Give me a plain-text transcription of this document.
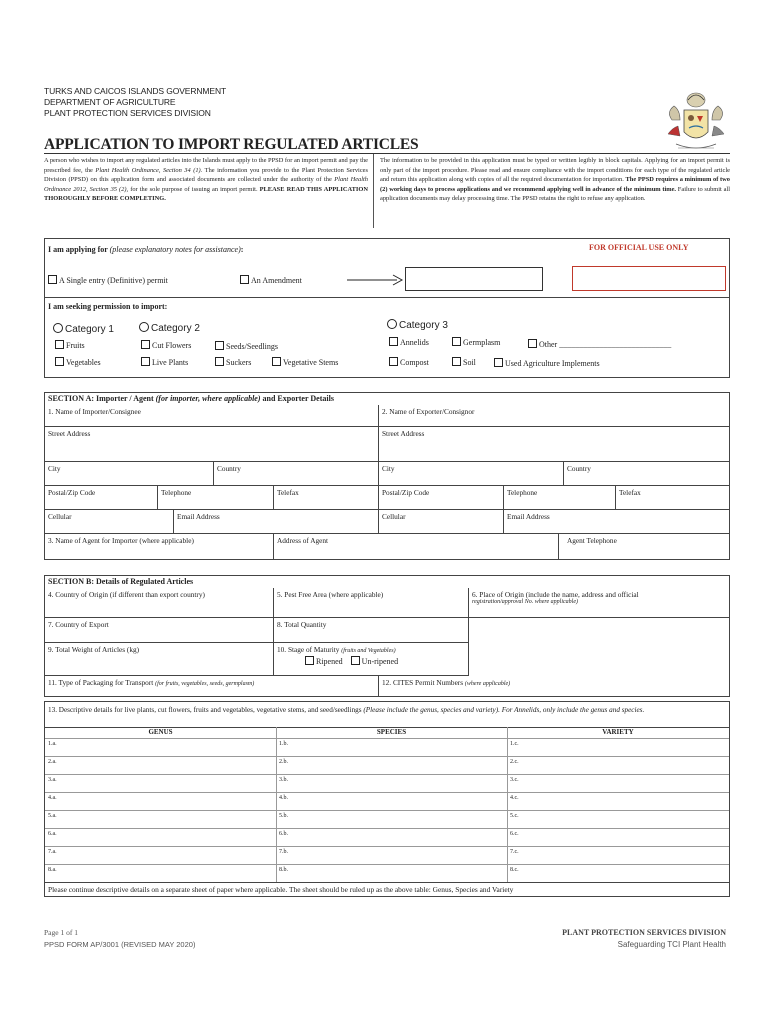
TURKS AND CAICOS ISLANDS GOVERNMENT
DEPARTMENT OF AGRICULTURE
PLANT PROTECTION SERVICES DIVISION
APPLICATION TO IMPORT REGULATED ARTICLES
A person who wishes to import any regulated articles into the Islands must apply to the PPSD for an import permit and pay the prescribed fee, the Plant Health Ordinance, Section 34 (1). The information you provide to the Plant Protection Services Division (PPSD) on this application form and associated documents are collected under the authority of the Plant Health Ordinance 2012, Section 35 (2), for the sole purpose of issuing an import permit. PLEASE READ THIS APPLICATION THOROUGHLY BEFORE COMPLETING.
The information to be provided in this application must be typed or written legibly in block capitals. Applying for an import permit is only part of the import procedure. Please read and ensure compliance with the import conditions for each type of the regulated article and return this application along with copies of all the required documentation for importation. The PPSD requires a minimum of two (2) working days to process applications and we recommend applying well in advance of the minimum time. Failure to submit all application documents may delay processing time. The PPSD retains the right to refuse any application.
I am applying for (please explanatory notes for assistance):	FOR OFFICIAL USE ONLY
A Single entry (Definitive) permit	An Amendment
I am seeking permission to import:
Category 1	Category 2	Category 3
Fruits
Vegetables
Cut Flowers
Live Plants
Seeds/Seedlings
Suckers	Vegetative Stems
Annelids	Germplasm	Other ____________________________
Compost	Soil	Used Agriculture Implements
SECTION A: Importer / Agent (for importer, where applicable) and Exporter Details
1. Name of Importer/Consignee	2. Name of Exporter/Consignor
Street Address	Street Address
City	Country	City	Country
Postal/Zip Code	Telephone	Telefax	Postal/Zip Code	Telephone	Telefax
Cellular	Email Address	Cellular	Email Address
3. Name of Agent for Importer (where applicable)	Address of Agent	Agent Telephone
SECTION B: Details of Regulated Articles
4. Country of Origin (if different than export country)	5. Pest Free Area (where applicable)	6. Place of Origin (include the name, address and official
registration/approval No. where applicable)
7. Country of Export	8. Total Quantity
9. Total Weight of Articles (kg)	10. Stage of Maturity (fruits and Vegetables)
Ripened Un-ripened
11. Type of Packaging for Transport (for fruits, vegetables, seeds, germplasm)	12. CITES Permit Numbers (where applicable)
13. Descriptive details for live plants, cut flowers, fruits and vegetables, vegetative stems, and seed/seedlings (Please include the genus, species and variety). For Annelids, only include the genus and species.
GENUS	SPECIES	VARIETY
1.a.	1.b.	1.c.
2.a.	2.b.	2.c.
3.a.	3.b.	3.c.
4.a.	4.b.	4.c.
5.a.	5.b.	5.c.
6.a.	6.b.	6.c.
7.a.	7.b.	7.c.
8.a.	8.b.	8.c.
Please continue descriptive details on a separate sheet of paper where applicable. The sheet should be ruled up as the above table: Genus, Species and Variety
Page 1 of 1
PPSD FORM AP/3001 (REVISED MAY 2020)
PLANT PROTECTION SERVICES DIVISION
Safeguarding TCI Plant Health
